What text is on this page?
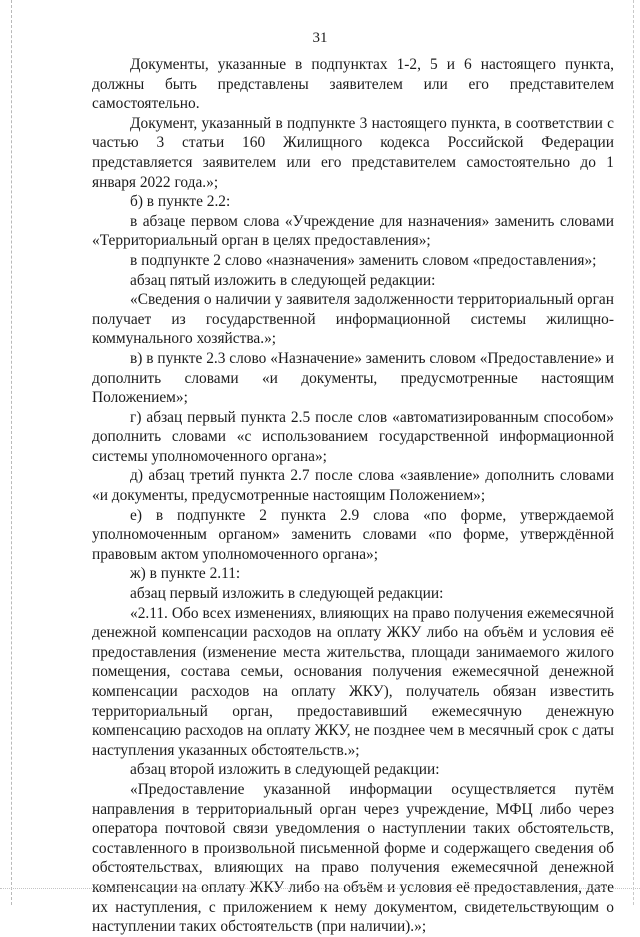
31

Документы, указанные в подпунктах 1-2, 5 и 6 настоящего пункта, должны быть представлены заявителем или его представителем самостоятельно.

Документ, указанный в подпункте 3 настоящего пункта, в соответствии с частью 3 статьи 160 Жилищного кодекса Российской Федерации представляется заявителем или его представителем самостоятельно до 1 января 2022 года.»;

б) в пункте 2.2:

в абзаце первом слова «Учреждение для назначения» заменить словами «Территориальный орган в целях предоставления»;

в подпункте 2 слово «назначения» заменить словом «предоставления»;

абзац пятый изложить в следующей редакции:

«Сведения о наличии у заявителя задолженности территориальный орган получает из государственной информационной системы жилищно-коммунального хозяйства.»;

в) в пункте 2.3 слово «Назначение» заменить словом «Предоставление» и дополнить словами «и документы, предусмотренные настоящим Положением»;

г) абзац первый пункта 2.5 после слов «автоматизированным способом» дополнить словами «с использованием государственной информационной системы уполномоченного органа»;

д) абзац третий пункта 2.7 после слова «заявление» дополнить словами «и документы, предусмотренные настоящим Положением»;

е) в подпункте 2 пункта 2.9 слова «по форме, утверждаемой уполномоченным органом» заменить словами «по форме, утверждённой правовым актом уполномоченного органа»;

ж) в пункте 2.11:

абзац первый изложить в следующей редакции:

«2.11. Обо всех изменениях, влияющих на право получения ежемесячной денежной компенсации расходов на оплату ЖКУ либо на объём и условия её предоставления (изменение места жительства, площади занимаемого жилого помещения, состава семьи, основания получения ежемесячной денежной компенсации расходов на оплату ЖКУ), получатель обязан известить территориальный орган, предоставивший ежемесячную денежную компенсацию расходов на оплату ЖКУ, не позднее чем в месячный срок с даты наступления указанных обстоятельств.»;

абзац второй изложить в следующей редакции:

«Предоставление указанной информации осуществляется путём направления в территориальный орган через учреждение, МФЦ либо через оператора почтовой связи уведомления о наступлении таких обстоятельств, составленного в произвольной письменной форме и содержащего сведения об обстоятельствах, влияющих на право получения ежемесячной денежной компенсации на оплату ЖКУ либо на объём и условия её предоставления, дате их наступления, с приложением к нему документом, свидетельствующим о наступлении таких обстоятельств (при наличии).»;
